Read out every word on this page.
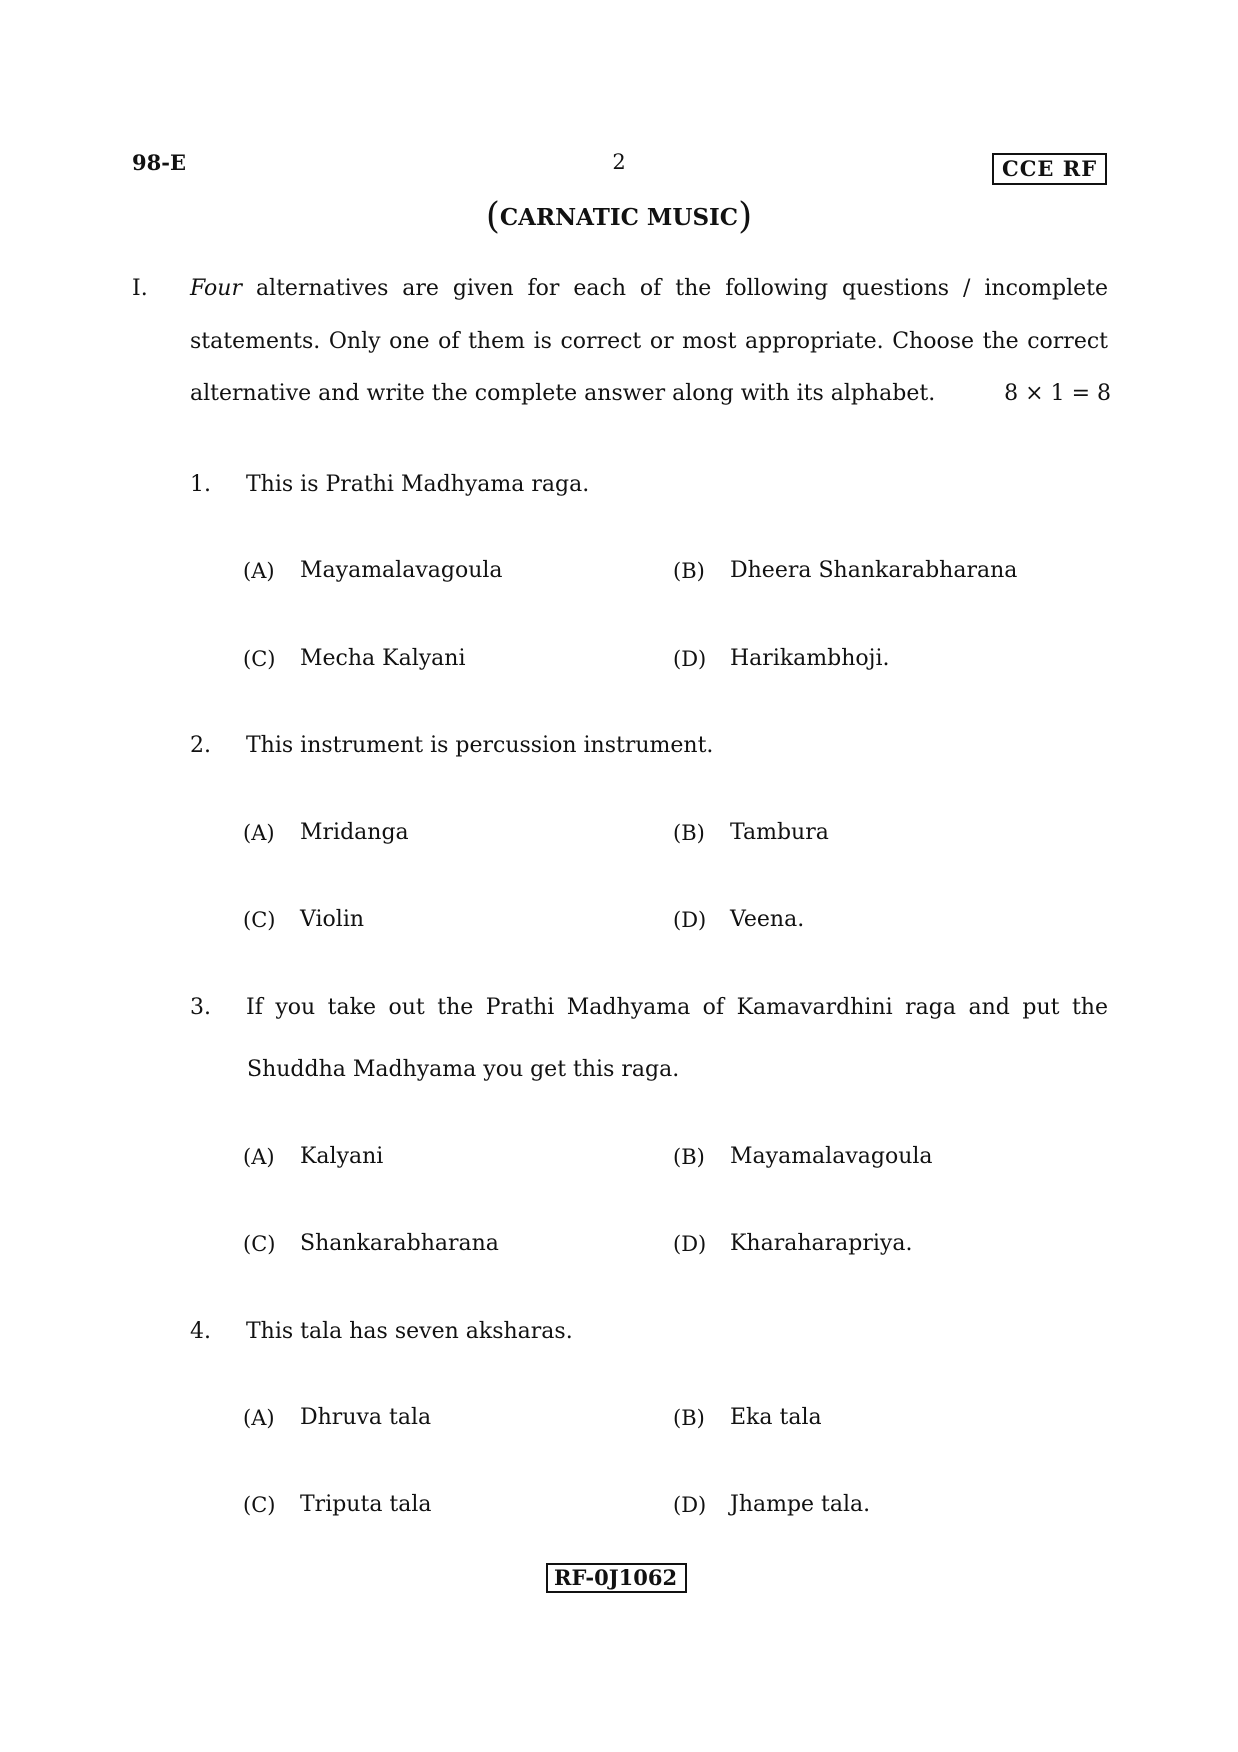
98-E	2	CCE RF
(CARNATIC MUSIC)
I. Four alternatives are given for each of the following questions / incomplete
statements. Only one of them is correct or most appropriate. Choose the correct
alternative and write the complete answer along with its alphabet.	8 × 1 = 8
1. This is Prathi Madhyama raga.
(A) Mayamalavagoula	(B) Dheera Shankarabharana
(C) Mecha Kalyani	(D) Harikambhoji.
2. This instrument is percussion instrument.
(A) Mridanga	(B) Tambura
(C) Violin	(D) Veena.
3. If you take out the Prathi Madhyama of Kamavardhini raga and put the
Shuddha Madhyama you get this raga.
(A) Kalyani	(B) Mayamalavagoula
(C) Shankarabharana	(D) Kharaharapriya.
4. This tala has seven aksharas.
(A) Dhruva tala	(B) Eka tala
(C) Triputa tala	(D) Jhampe tala.
RF-0J1062
